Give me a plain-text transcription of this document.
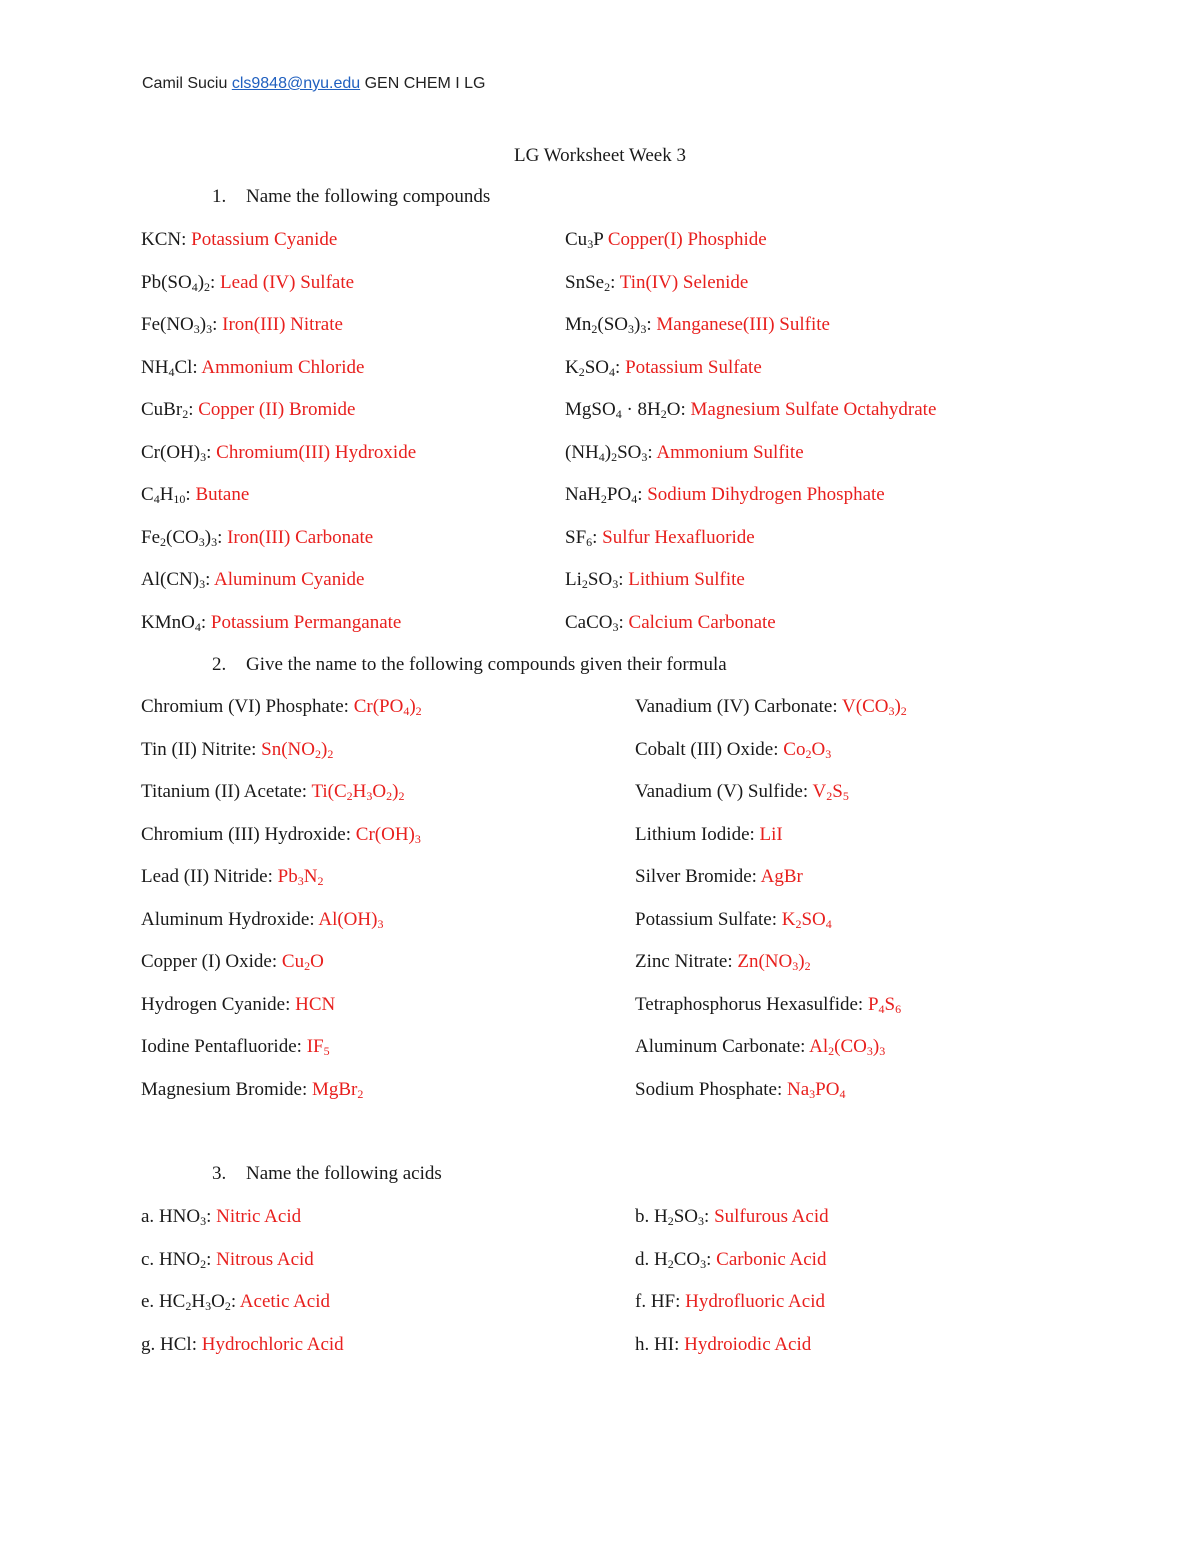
Camil Suciu cls9848@nyu.edu GEN CHEM I LG
LG Worksheet Week 3
1. Name the following compounds
KCN: Potassium Cyanide	$Cu_3P$ Copper(I) Phosphide
$Pb(SO_4)_2$: Lead (IV) Sulfate	SnSe$_2$: Tin(IV) Selenide
$Fe(NO_3)_3$: Iron(III) Nitrate	$Mn_2(SO_3)_3$: Manganese(III) Sulfite
$NH_4Cl$: Ammonium Chloride	$K_2SO_4$: Potassium Sulfate
CuBr$_2$: Copper (II) Bromide	MgSO$_4$ · $8H_2O$: Magnesium Sulfate Octahydrate
$Cr(OH)_3$: Chromium(III) Hydroxide	$(NH_4)_2SO_3$: Ammonium Sulfite
$C_4H_{10}$: Butane	$NaH_2PO_4$: Sodium Dihydrogen Phosphate
$Fe_2(CO_3)_3$: Iron(III) Carbonate	$SF_6$: Sulfur Hexafluoride
$Al(CN)_3$: Aluminum Cyanide	$Li_2SO_3$: Lithium Sulfite
KMnO$_4$: Potassium Permanganate	CaCO$_3$: Calcium Carbonate
2. Give the name to the following compounds given their formula
Chromium (VI) Phosphate: $Cr(PO_4)_2$	Vanadium (IV) Carbonate: $V(CO_3)_2$
Tin (II) Nitrite: $Sn(NO_2)_2$	Cobalt (III) Oxide: $Co_2O_3$
Titanium (II) Acetate: $Ti(C_2H_3O_2)_2$	Vanadium (V) Sulfide: $V_2S_5$
Chromium (III) Hydroxide: $Cr(OH)_3$	Lithium Iodide: LiI
Lead (II) Nitride: $Pb_3N_2$	Silver Bromide: AgBr
Aluminum Hydroxide: $Al(OH)_3$	Potassium Sulfate: $K_2SO_4$
Copper (I) Oxide: $Cu_2O$	Zinc Nitrate: $Zn(NO_3)_2$
Hydrogen Cyanide: HCN	Tetraphosphorus Hexasulfide: $P_4S_6$
Iodine Pentafluoride: $IF_5$	Aluminum Carbonate: $Al_2(CO_3)_3$
Magnesium Bromide: MgBr$_2$	Sodium Phosphate: $Na_3PO_4$
3. Name the following acids
a. $HNO_3$: Nitric Acid	b. $H_2SO_3$: Sulfurous Acid
c. $HNO_2$: Nitrous Acid	d. $H_2CO_3$: Carbonic Acid
e. $HC_2H_3O_2$: Acetic Acid	f. HF: Hydrofluoric Acid
g. HCl: Hydrochloric Acid	h. HI: Hydroiodic Acid
